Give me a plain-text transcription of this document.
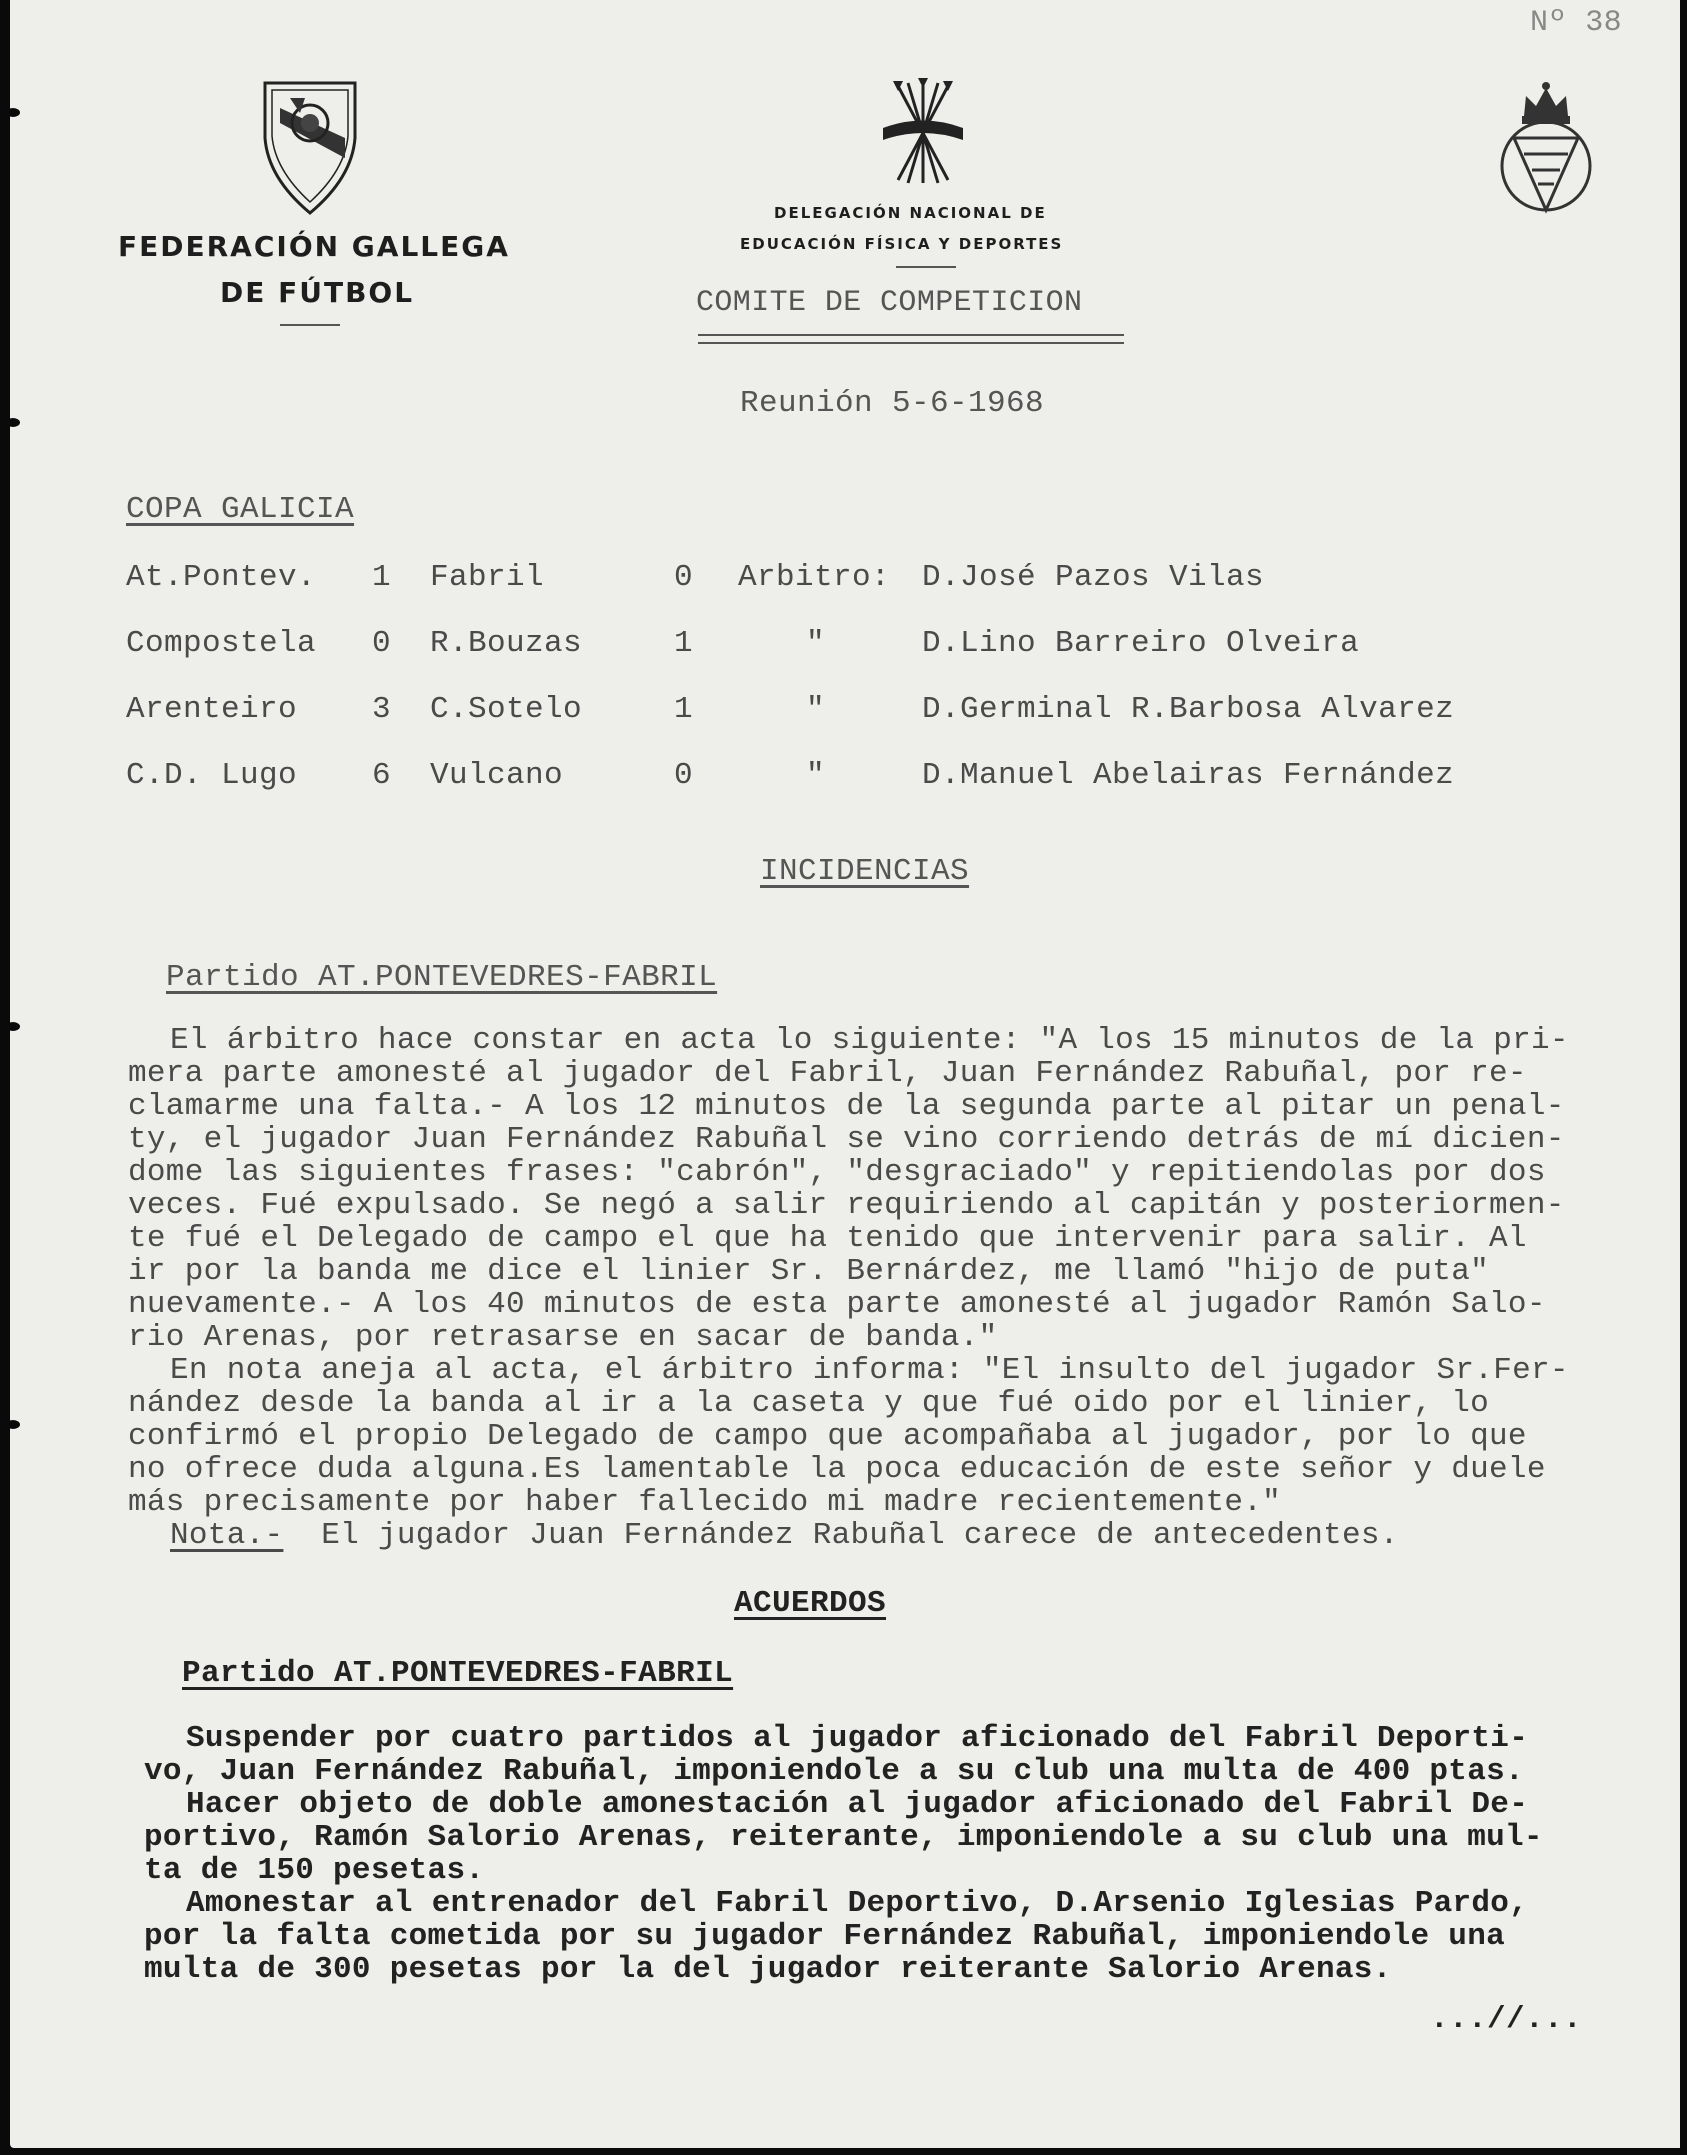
Nº 38
FEDERACIÓN GALLEGA
DE FÚTBOL
DELEGACIÓN NACIONAL DE
EDUCACIÓN FÍSICA Y DEPORTES
COMITE DE COMPETICION
Reunión 5-6-1968
COPA GALICIA
At.Pontev. 1 Fabril	0 Arbitro: D.José Pazos Vilas
Compostela 0 R.Bouzas	1	"	D.Lino Barreiro Olveira
Arenteiro 3 C.Sotelo	1	"	D.Germinal R.Barbosa Alvarez
C.D. Lugo 6 Vulcano	0	"	D.Manuel Abelairas Fernández
INCIDENCIAS
Partido AT.PONTEVEDRES-FABRIL
El árbitro hace constar en acta lo siguiente: "A los 15 minutos de la pri-
mera parte amonesté al jugador del Fabril, Juan Fernández Rabuñal, por re-
clamarme una falta.- A los 12 minutos de la segunda parte al pitar un penal-
ty, el jugador Juan Fernández Rabuñal se vino corriendo detrás de mí dicien-
dome las siguientes frases: "cabrón", "desgraciado" y repitiendolas por dos
veces. Fué expulsado. Se negó a salir requiriendo al capitán y posteriormen-
te fué el Delegado de campo el que ha tenido que intervenir para salir. Al
ir por la banda me dice el linier Sr. Bernárdez, me llamó "hijo de puta"
nuevamente.- A los 40 minutos de esta parte amonesté al jugador Ramón Salo-
rio Arenas, por retrasarse en sacar de banda."
En nota aneja al acta, el árbitro informa: "El insulto del jugador Sr.Fer-
nández desde la banda al ir a la caseta y que fué oido por el linier, lo
confirmó el propio Delegado de campo que acompañaba al jugador, por lo que
no ofrece duda alguna.Es lamentable la poca educación de este señor y duele
más precisamente por haber fallecido mi madre recientemente."
Nota.- El jugador Juan Fernández Rabuñal carece de antecedentes.
ACUERDOS
Partido AT.PONTEVEDRES-FABRIL
Suspender por cuatro partidos al jugador aficionado del Fabril Deporti-
vo, Juan Fernández Rabuñal, imponiendole a su club una multa de 400 ptas.
Hacer objeto de doble amonestación al jugador aficionado del Fabril De-
portivo, Ramón Salorio Arenas, reiterante, imponiendole a su club una mul-
ta de 150 pesetas.
Amonestar al entrenador del Fabril Deportivo, D.Arsenio Iglesias Pardo,
por la falta cometida por su jugador Fernández Rabuñal, imponiendole una
multa de 300 pesetas por la del jugador reiterante Salorio Arenas.
...//...
